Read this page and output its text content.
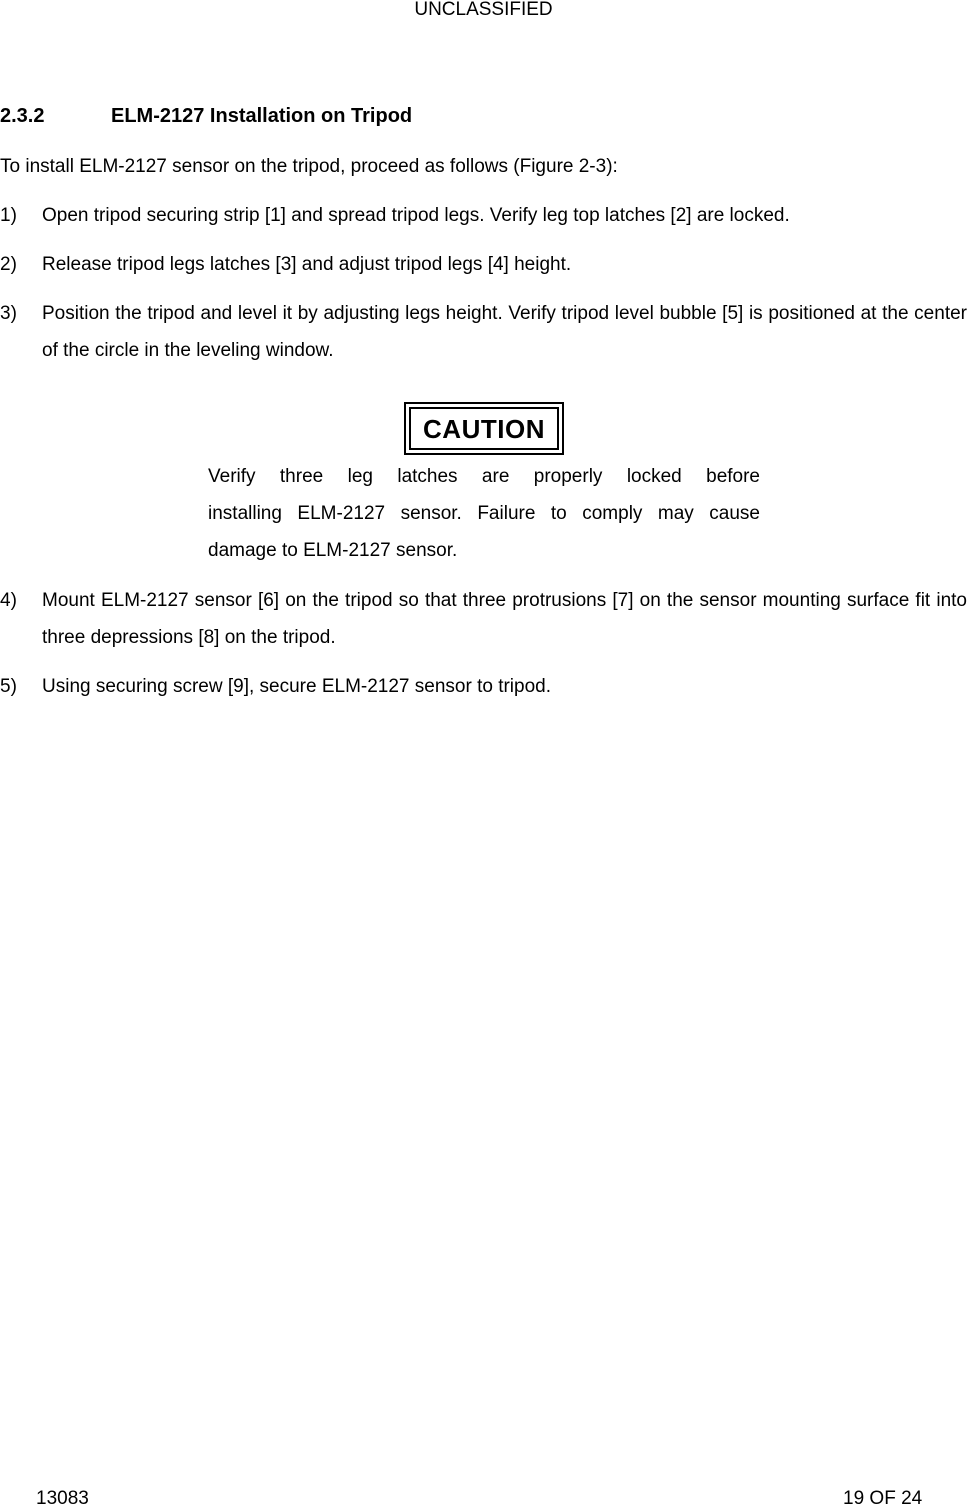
UNCLASSIFIED
2.3.2	ELM-2127 Installation on Tripod
To install ELM-2127 sensor on the tripod, proceed as follows (Figure 2-3):
1) Open tripod securing strip [1] and spread tripod legs. Verify leg top latches [2] are locked.
2) Release tripod legs latches [3] and adjust tripod legs [4] height.
3) Position the tripod and level it by adjusting legs height. Verify tripod level bubble [5] is positioned at the center of the circle in the leveling window.
CAUTION
Verify three leg latches are properly locked before
installing ELM-2127 sensor. Failure to comply may cause
damage to ELM-2127 sensor.
4) Mount ELM-2127 sensor [6] on the tripod so that three protrusions [7] on the sensor mounting surface fit into three depressions [8] on the tripod.
5) Using securing screw [9], secure ELM-2127 sensor to tripod.
13083	19 OF 24
